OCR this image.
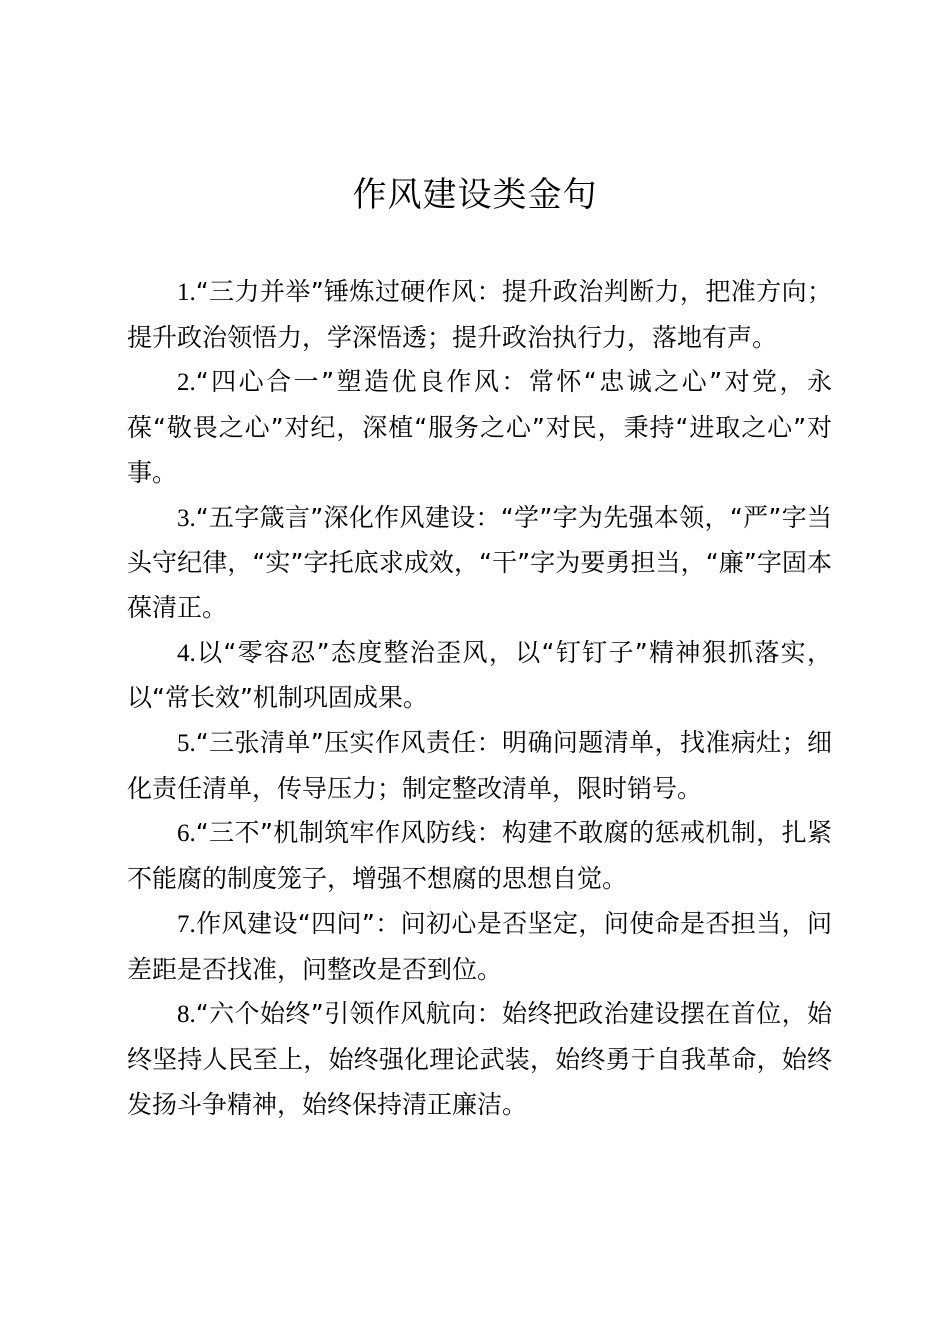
作风建设类金句

1.“三力并举”锤炼过硬作风：提升政治判断力，把准方向；提升政治领悟力，学深悟透；提升政治执行力，落地有声。

2.“四心合一”塑造优良作风：常怀“忠诚之心”对党，永葆“敬畏之心”对纪，深植“服务之心”对民，秉持“进取之心”对事。

3.“五字箴言”深化作风建设：“学”字为先强本领，“严”字当头守纪律，“实”字托底求成效，“干”字为要勇担当，“廉”字固本葆清正。

4.以“零容忍”态度整治歪风，以“钉钉子”精神狠抓落实，以“常长效”机制巩固成果。

5.“三张清单”压实作风责任：明确问题清单，找准病灶；细化责任清单，传导压力；制定整改清单，限时销号。

6.“三不”机制筑牢作风防线：构建不敢腐的惩戒机制，扎紧不能腐的制度笼子，增强不想腐的思想自觉。

7.作风建设“四问”：问初心是否坚定，问使命是否担当，问差距是否找准，问整改是否到位。

8.“六个始终”引领作风航向：始终把政治建设摆在首位，始终坚持人民至上，始终强化理论武装，始终勇于自我革命，始终发扬斗争精神，始终保持清正廉洁。
